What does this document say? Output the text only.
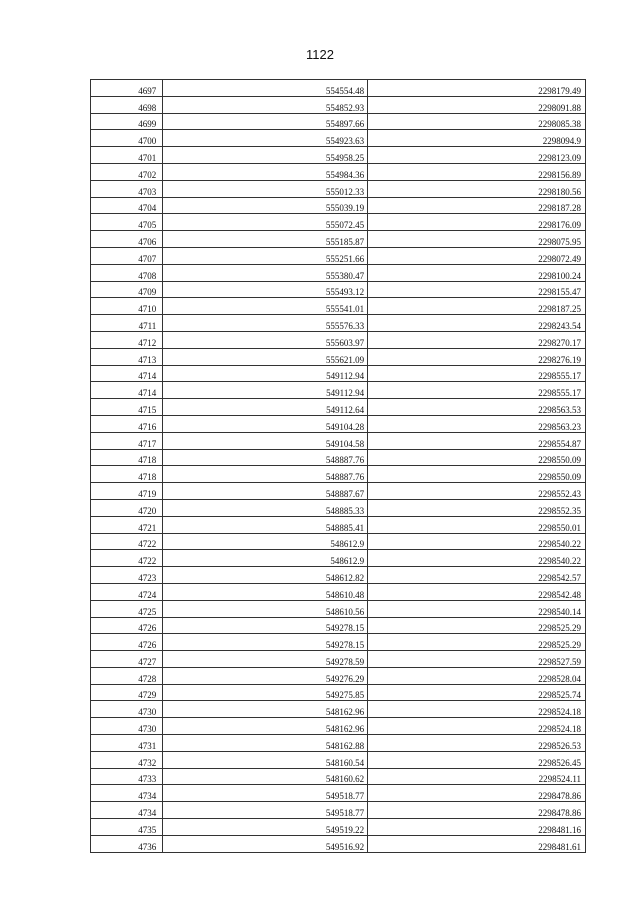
1122

4697	554554.48	2298179.49
4698	554852.93	2298091.88
4699	554897.66	2298085.38
4700	554923.63	2298094.9
4701	554958.25	2298123.09
4702	554984.36	2298156.89
4703	555012.33	2298180.56
4704	555039.19	2298187.28
4705	555072.45	2298176.09
4706	555185.87	2298075.95
4707	555251.66	2298072.49
4708	555380.47	2298100.24
4709	555493.12	2298155.47
4710	555541.01	2298187.25
4711	555576.33	2298243.54
4712	555603.97	2298270.17
4713	555621.09	2298276.19
4714	549112.94	2298555.17
4714	549112.94	2298555.17
4715	549112.64	2298563.53
4716	549104.28	2298563.23
4717	549104.58	2298554.87
4718	548887.76	2298550.09
4718	548887.76	2298550.09
4719	548887.67	2298552.43
4720	548885.33	2298552.35
4721	548885.41	2298550.01
4722	548612.9	2298540.22
4722	548612.9	2298540.22
4723	548612.82	2298542.57
4724	548610.48	2298542.48
4725	548610.56	2298540.14
4726	549278.15	2298525.29
4726	549278.15	2298525.29
4727	549278.59	2298527.59
4728	549276.29	2298528.04
4729	549275.85	2298525.74
4730	548162.96	2298524.18
4730	548162.96	2298524.18
4731	548162.88	2298526.53
4732	548160.54	2298526.45
4733	548160.62	2298524.11
4734	549518.77	2298478.86
4734	549518.77	2298478.86
4735	549519.22	2298481.16
4736	549516.92	2298481.61
